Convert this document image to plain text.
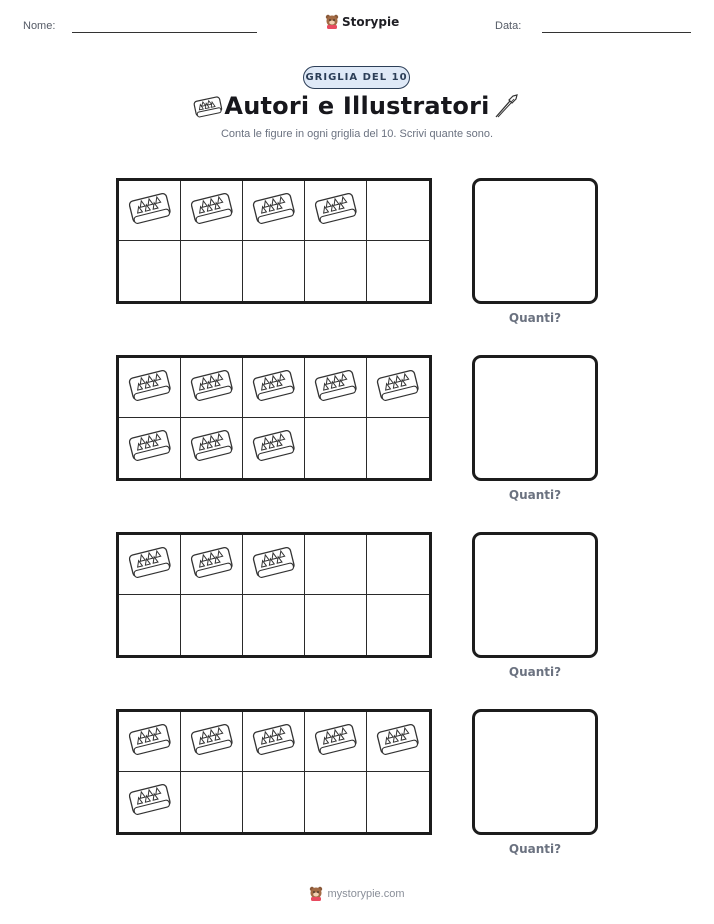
Nome:	Storypie	Data:
GRIGLIA DEL 10
Autori e Illustratori
Conta le figure in ogni griglia del 10. Scrivi quante sono.
Quanti?
Quanti?
Quanti?
Quanti?
mystorypie.com
